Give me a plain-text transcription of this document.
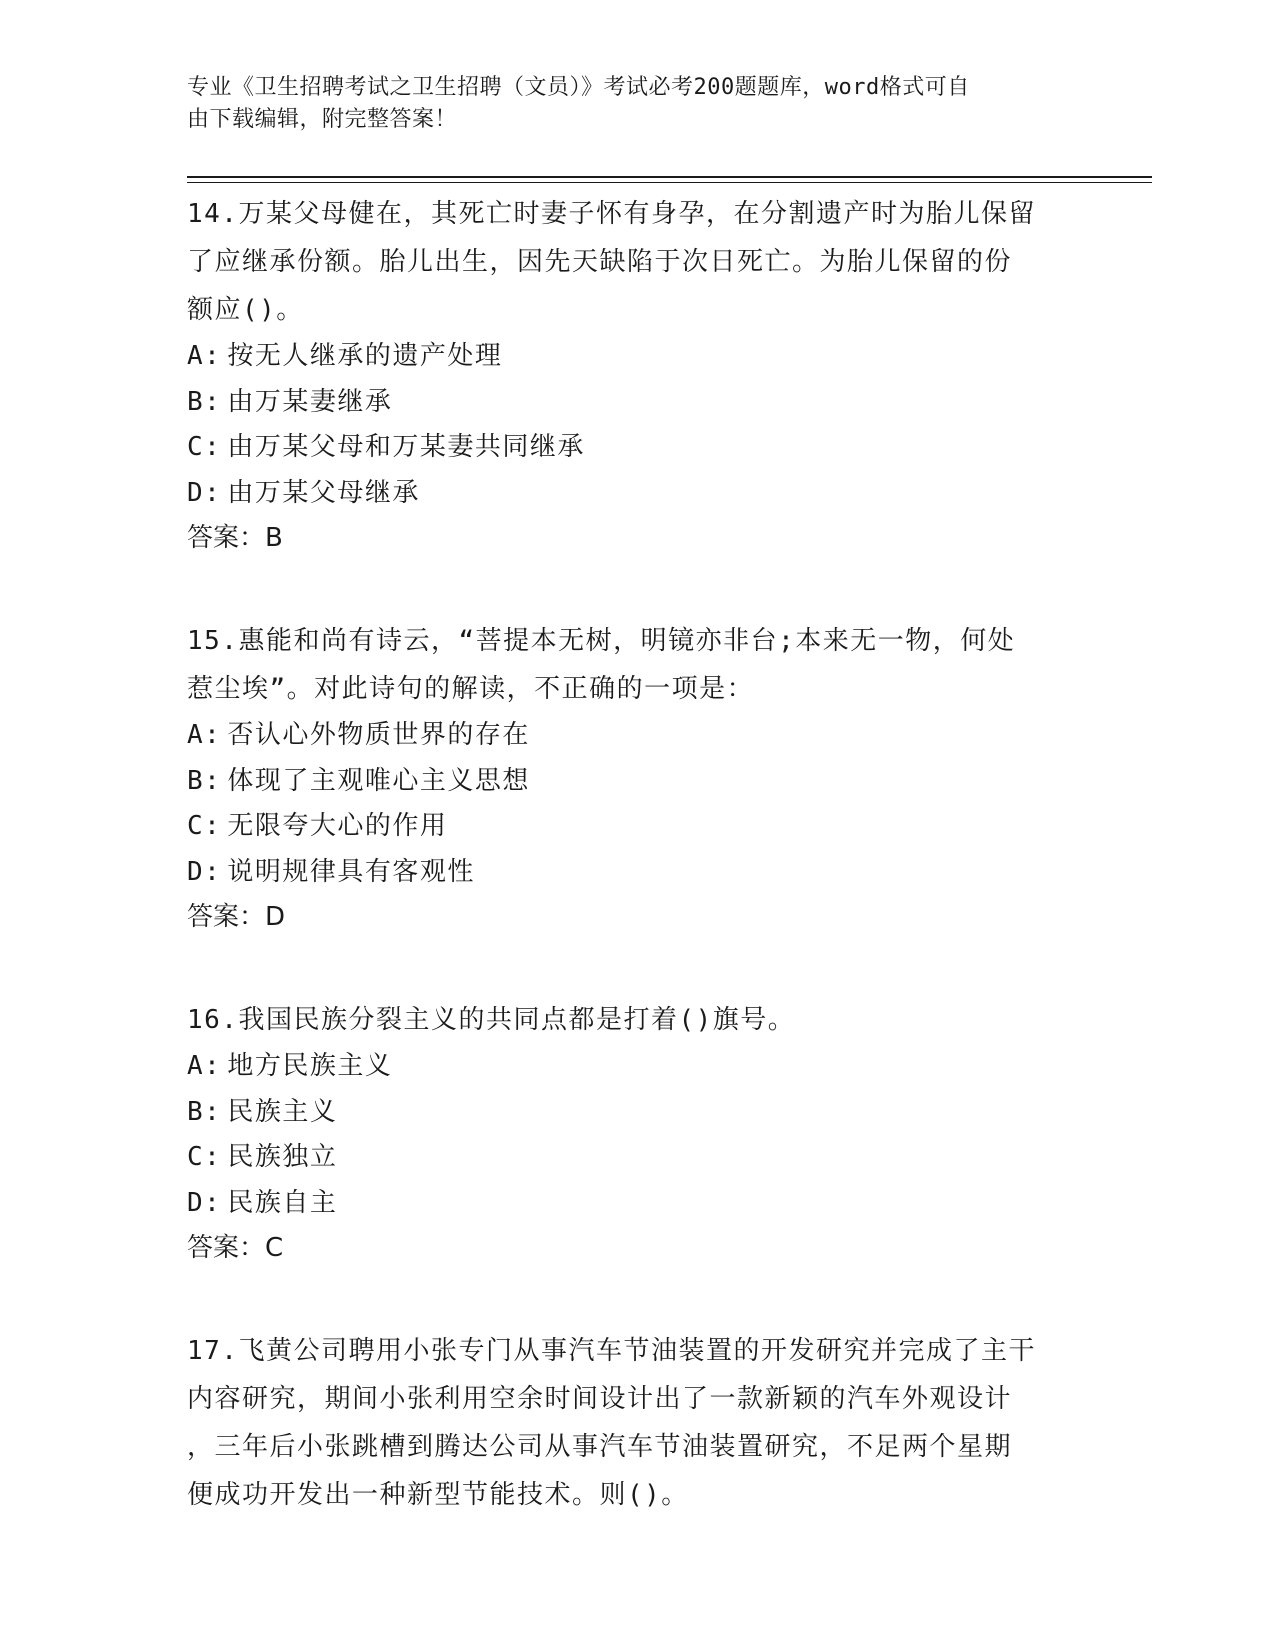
专业《卫生招聘考试之卫生招聘（文员）》考试必考200题题库，word格式可自
由下载编辑，附完整答案！
14.万某父母健在，其死亡时妻子怀有身孕，在分割遗产时为胎儿保留
了应继承份额。胎儿出生，因先天缺陷于次日死亡。为胎儿保留的份
额应()。
A: 按无人继承的遗产处理
B: 由万某妻继承
C: 由万某父母和万某妻共同继承
D: 由万某父母继承
答案：B
15.惠能和尚有诗云，“菩提本无树，明镜亦非台;本来无一物，何处
惹尘埃”。对此诗句的解读，不正确的一项是：
A: 否认心外物质世界的存在
B: 体现了主观唯心主义思想
C: 无限夸大心的作用
D: 说明规律具有客观性
答案：D
16.我国民族分裂主义的共同点都是打着()旗号。
A: 地方民族主义
B: 民族主义
C: 民族独立
D: 民族自主
答案：C
17.飞黄公司聘用小张专门从事汽车节油装置的开发研究并完成了主干
内容研究，期间小张利用空余时间设计出了一款新颖的汽车外观设计
，三年后小张跳槽到腾达公司从事汽车节油装置研究，不足两个星期
便成功开发出一种新型节能技术。则()。
